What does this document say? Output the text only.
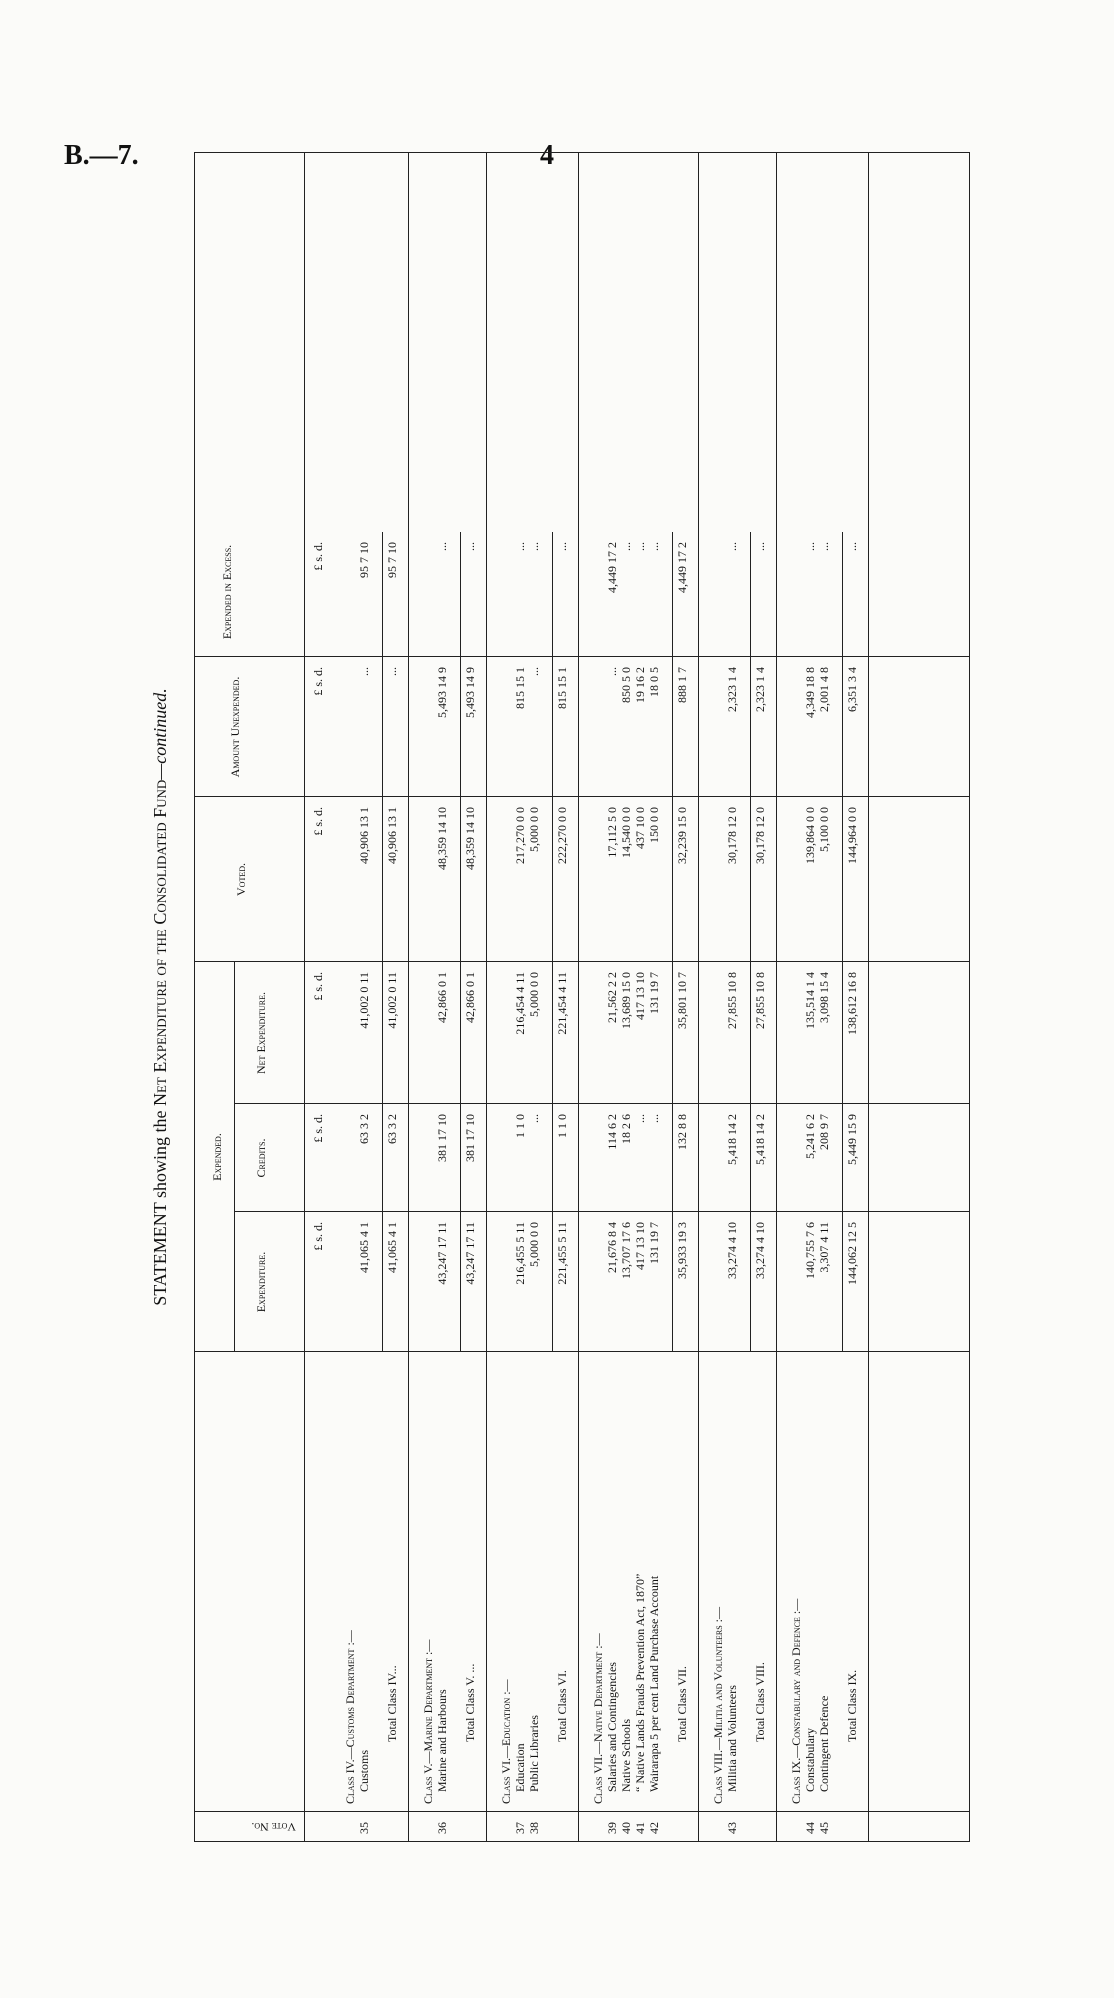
B.—7.	4
STATEMENT showing the Net Expenditure of the Consolidated Fund—continued.
Vote No.
Expended.
Expenditure.
Credits.
Net Expenditure.
Voted.
Amount Unexpended.
Expended in Excess.
£ s. d.
£ s. d.
£ s. d.
£ s. d.
£ s. d.
£ s. d.
Class IV.—Customs Department :—
35
Customs
41,065 4 1
63 3 2
41,002 0 11
40,906 13 1
...
95 7 10
Total Class IV...
41,065 4 1
63 3 2
41,002 0 11
40,906 13 1
...
95 7 10
Class V.—Marine Department :—
36
Marine and Harbours
43,247 17 11
381 17 10
42,866 0 1
48,359 14 10
5,493 14 9
...
Total Class V. ...
43,247 17 11
381 17 10
42,866 0 1
48,359 14 10
5,493 14 9
...
Class VI.—Education :—
37
Education
216,455 5 11
1 1 0
216,454 4 11
217,270 0 0
815 15 1
...
38
Public Libraries
5,000 0 0
...
5,000 0 0
5,000 0 0
...
...
Total Class VI.
221,455 5 11
1 1 0
221,454 4 11
222,270 0 0
815 15 1
...
Class VII.—Native Department :—
39
Salaries and Contingencies
21,676 8 4
114 6 2
21,562 2 2
17,112 5 0
...
4,449 17 2
40
Native Schools
13,707 17 6
18 2 6
13,689 15 0
14,540 0 0
850 5 0
...
41
“ Native Lands Frauds Prevention Act, 1870”
417 13 10
...
417 13 10
437 10 0
19 16 2
...
42
Wairarapa 5 per cent Land Purchase Account
131 19 7
...
131 19 7
150 0 0
18 0 5
...
Total Class VII.
35,933 19 3
132 8 8
35,801 10 7
32,239 15 0
888 1 7
4,449 17 2
Class VIII.—Militia and Volunteers :—
43
Militia and Volunteers
33,274 4 10
5,418 14 2
27,855 10 8
30,178 12 0
2,323 1 4
...
Total Class VIII.
33,274 4 10
5,418 14 2
27,855 10 8
30,178 12 0
2,323 1 4
...
Class IX.—Constabulary and Defence :—
44
Constabulary
140,755 7 6
5,241 6 2
135,514 1 4
139,864 0 0
4,349 18 8
...
45
Contingent Defence
3,307 4 11
208 9 7
3,098 15 4
5,100 0 0
2,001 4 8
...
Total Class IX.
144,062 12 5
5,449 15 9
138,612 16 8
144,964 0 0
6,351 3 4
...
